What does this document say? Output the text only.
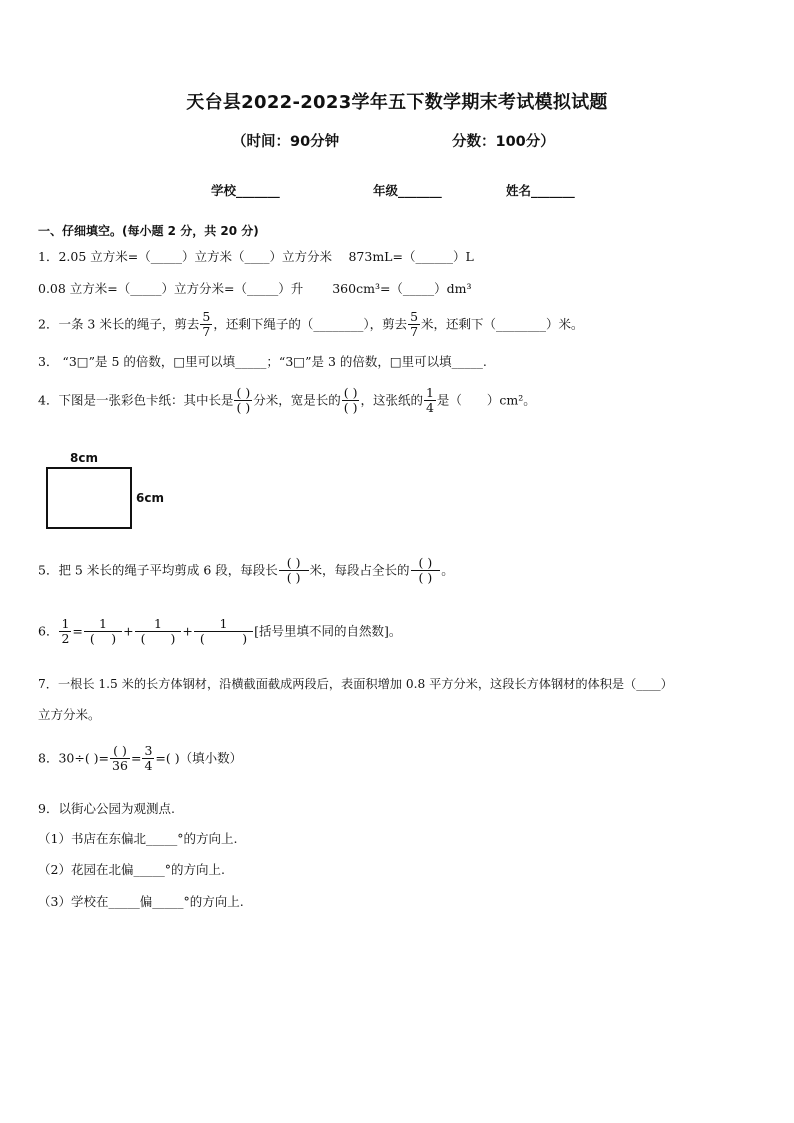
天台县2022-2023学年五下数学期末考试模拟试题
（时间：90分钟	分数：100分）
学校_______	年级_______	姓名_______
一、仔细填空。(每小题 2 分，共 20 分)
1．2.05 立方米=（_____）立方米（____）立方分米　 873mL=（______）L
0.08 立方米=（_____）立方分米=（_____）升　　 360cm³=（_____）dm³
2．一条 3 米长的绳子，剪去 $\frac{5}{7}$ ，还剩下绳子的（________），剪去 $\frac{5}{7}$ 米，还剩下（________）米。
3． “3□”是 5 的倍数，□里可以填_____；“3□”是 3 的倍数，□里可以填_____.
4．下图是一张彩色卡纸：其中长是 $\frac{( )}{( )}$ 分米，宽是长的 $\frac{( )}{( )}$ ，这张纸的 $\frac{1}{4}$ 是（　　）cm²。
8cm
6cm
5．把 5 米长的绳子平均剪成 6 段，每段长 $\frac{( )}{( )}$ 米，每段占全长的 $\frac{( )}{( )}$ 。
6． $\frac{1}{2} = \frac{1}{( )} + \frac{1}{( )} + \frac{1}{( )}$ [括号里填不同的自然数]。
7．一根长 1.5 米的长方体钢材，沿横截面截成两段后，表面积增加 0.8 平方分米，这段长方体钢材的体积是（____）
立方分米。
8．30÷( )= $\frac{( )}{36} = \frac{3}{4}$ =( )（填小数）
9．以街心公园为观测点.
（1）书店在东偏北_____°的方向上.
（2）花园在北偏_____°的方向上.
（3）学校在_____偏_____°的方向上.
